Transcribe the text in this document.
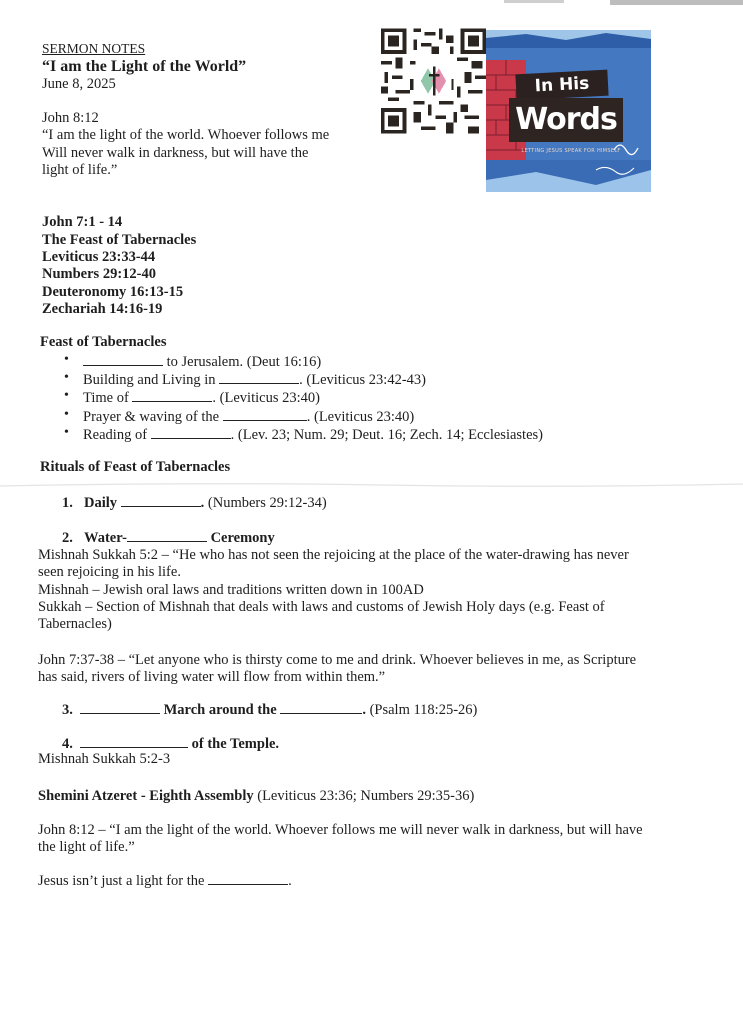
SERMON NOTES
“I am the Light of the World”
June 8, 2025
John 8:12
“I am the light of the world. Whoever follows me
Will never walk in darkness, but will have the
light of life.”
In His
Words
LETTING JESUS SPEAK FOR HIMSELF
John 7:1 - 14
The Feast of Tabernacles
Leviticus 23:33-44
Numbers 29:12-40
Deuteronomy 16:13-15
Zechariah 14:16-19
Feast of Tabernacles
•	to Jerusalem. (Deut 16:16)
• Building and Living in	. (Leviticus 23:42-43)
• Time of	. (Leviticus 23:40)
• Prayer & waving of the	. (Leviticus 23:40)
• Reading of	. (Lev. 23; Num. 29; Deut. 16; Zech. 14; Ecclesiastes)
Rituals of Feast of Tabernacles
1. Daily	. (Numbers 29:12-34)
2. Water-	Ceremony
Mishnah Sukkah 5:2 – “He who has not seen the rejoicing at the place of the water-drawing has never
seen rejoicing in his life.
Mishnah – Jewish oral laws and traditions written down in 100AD
Sukkah – Section of Mishnah that deals with laws and customs of Jewish Holy days (e.g. Feast of
Tabernacles)
John 7:37-38 – “Let anyone who is thirsty come to me and drink. Whoever believes in me, as Scripture
has said, rivers of living water will flow from within them.”
3.	March around the	. (Psalm 118:25-26)
4.	of the Temple.
Mishnah Sukkah 5:2-3
Shemini Atzeret - Eighth Assembly (Leviticus 23:36; Numbers 29:35-36)
John 8:12 – “I am the light of the world. Whoever follows me will never walk in darkness, but will have
the light of life.”
Jesus isn’t just a light for the	.
